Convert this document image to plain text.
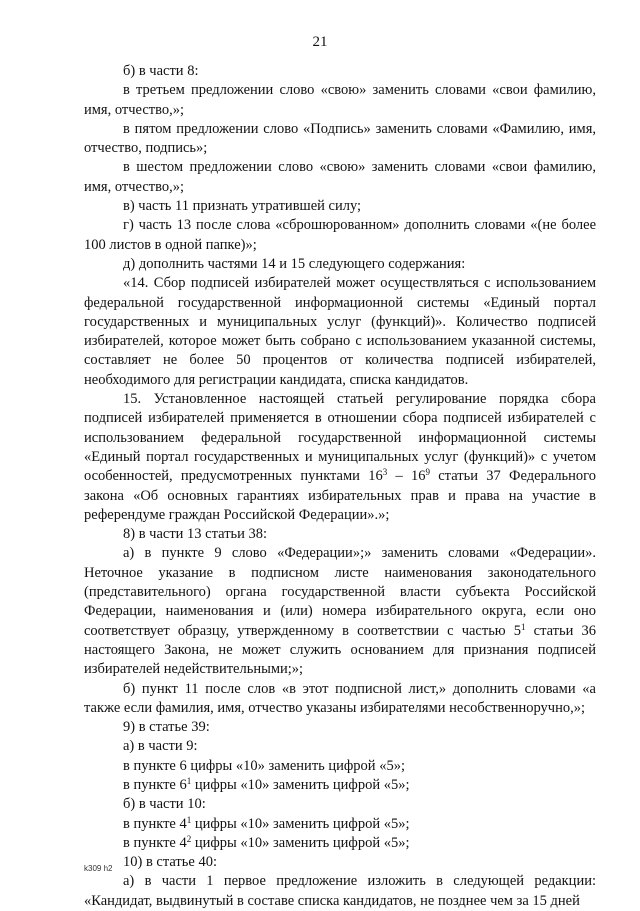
21

б) в части 8:

в третьем предложении слово «свою» заменить словами «свои фамилию, имя, отчество,»;

в пятом предложении слово «Подпись» заменить словами «Фамилию, имя, отчество, подпись»;

в шестом предложении слово «свою» заменить словами «свои фамилию, имя, отчество,»;

в) часть 11 признать утратившей силу;

г) часть 13 после слова «сброшюрованном» дополнить словами «(не более 100 листов в одной папке)»;

д) дополнить частями 14 и 15 следующего содержания:

«14. Сбор подписей избирателей может осуществляться с использованием федеральной государственной информационной системы «Единый портал государственных и муниципальных услуг (функций)». Количество подписей избирателей, которое может быть собрано с использованием указанной системы, составляет не более 50 процентов от количества подписей избирателей, необходимого для регистрации кандидата, списка кандидатов.

15. Установленное настоящей статьей регулирование порядка сбора подписей избирателей применяется в отношении сбора подписей избирателей с использованием федеральной государственной информационной системы «Единый портал государственных и муниципальных услуг (функций)» с учетом особенностей, предусмотренных пунктами $16^3 - 16^9$ статьи 37 Федерального закона «Об основных гарантиях избирательных прав и права на участие в референдуме граждан Российской Федерации».»;

8) в части 13 статьи 38:

а) в пункте 9 слово «Федерации»;» заменить словами «Федерации». Неточное указание в подписном листе наименования законодательного (представительного) органа государственной власти субъекта Российской Федерации, наименования и (или) номера избирательного округа, если оно соответствует образцу, утвержденному в соответствии с частью $5^1$ статьи 36 настоящего Закона, не может служить основанием для признания подписей избирателей недействительными;»;

б) пункт 11 после слов «в этот подписной лист,» дополнить словами «а также если фамилия, имя, отчество указаны избирателями несобственноручно,»;

9) в статье 39:

а) в части 9:

в пункте 6 цифры «10» заменить цифрой «5»;

в пункте $6^1$ цифры «10» заменить цифрой «5»;

б) в части 10:

в пункте $4^1$ цифры «10» заменить цифрой «5»;

в пункте $4^2$ цифры «10» заменить цифрой «5»;

10) в статье 40:

а) в части 1 первое предложение изложить в следующей редакции: «Кандидат, выдвинутый в составе списка кандидатов, не позднее чем за 15 дней

k309 h2
